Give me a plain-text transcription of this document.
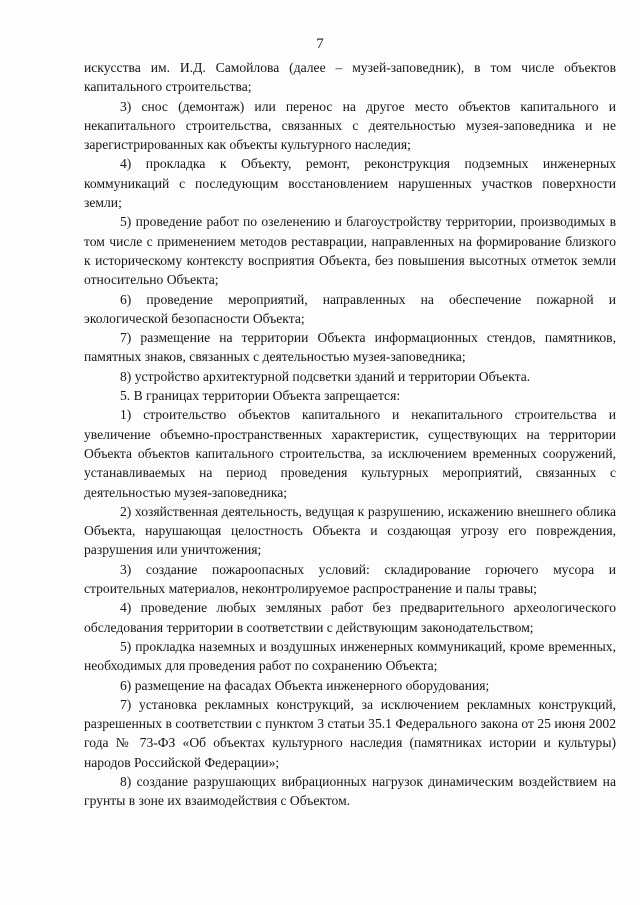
7

искусства им. И.Д. Самойлова (далее – музей-заповедник), в том числе объектов капитального строительства;

3) снос (демонтаж) или перенос на другое место объектов капитального и некапитального строительства, связанных с деятельностью музея-заповедника и не зарегистрированных как объекты культурного наследия;

4) прокладка к Объекту, ремонт, реконструкция подземных инженерных коммуникаций с последующим восстановлением нарушенных участков поверхности земли;

5) проведение работ по озеленению и благоустройству территории, производимых в том числе с применением методов реставрации, направленных на формирование близкого к историческому контексту восприятия Объекта, без повышения высотных отметок земли относительно Объекта;

6) проведение мероприятий, направленных на обеспечение пожарной и экологической безопасности Объекта;

7) размещение на территории Объекта информационных стендов, памятников, памятных знаков, связанных с деятельностью музея-заповедника;

8) устройство архитектурной подсветки зданий и территории Объекта.

5. В границах территории Объекта запрещается:

1) строительство объектов капитального и некапитального строительства и увеличение объемно-пространственных характеристик, существующих на территории Объекта объектов капитального строительства, за исключением временных сооружений, устанавливаемых на период проведения культурных мероприятий, связанных с деятельностью музея-заповедника;

2) хозяйственная деятельность, ведущая к разрушению, искажению внешнего облика Объекта, нарушающая целостность Объекта и создающая угрозу его повреждения, разрушения или уничтожения;

3) создание пожароопасных условий: складирование горючего мусора и строительных материалов, неконтролируемое распространение и палы травы;

4) проведение любых земляных работ без предварительного археологического обследования территории в соответствии с действующим законодательством;

5) прокладка наземных и воздушных инженерных коммуникаций, кроме временных, необходимых для проведения работ по сохранению Объекта;

6) размещение на фасадах Объекта инженерного оборудования;

7) установка рекламных конструкций, за исключением рекламных конструкций, разрешенных в соответствии с пунктом 3 статьи 35.1 Федерального закона от 25 июня 2002 года № 73-ФЗ «Об объектах культурного наследия (памятниках истории и культуры) народов Российской Федерации»;

8) создание разрушающих вибрационных нагрузок динамическим воздействием на грунты в зоне их взаимодействия с Объектом.
